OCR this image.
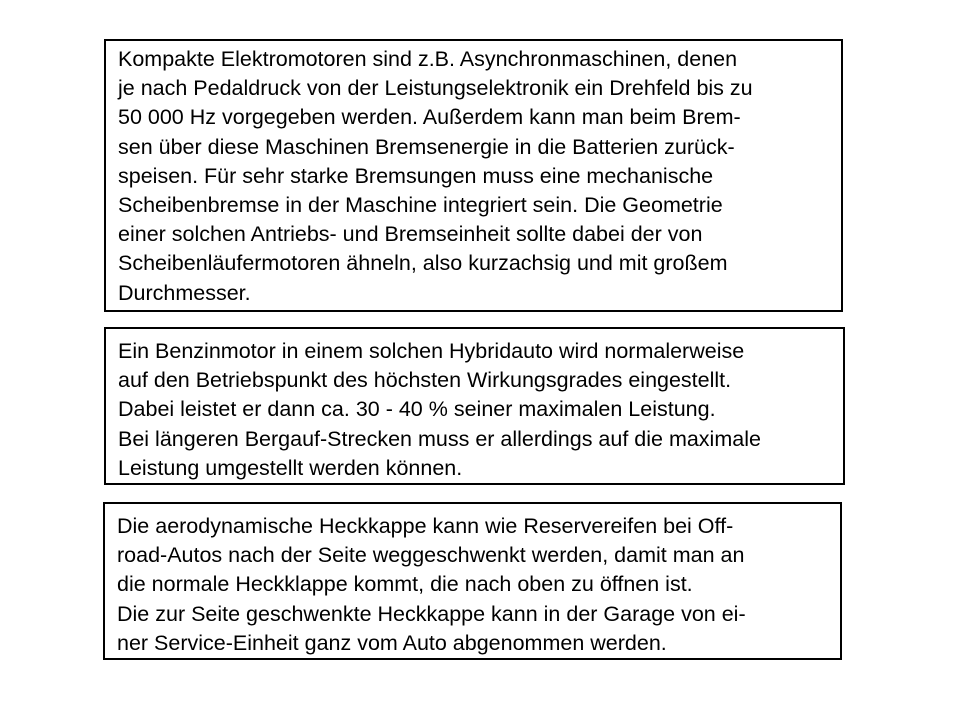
Kompakte Elektromotoren sind z.B. Asynchronmaschinen, denen
je nach Pedaldruck von der Leistungselektronik ein Drehfeld bis zu
50 000 Hz vorgegeben werden. Außerdem kann man beim Brem-
sen über diese Maschinen Bremsenergie in die Batterien zurück-
speisen. Für sehr starke Bremsungen muss eine mechanische
Scheibenbremse in der Maschine integriert sein. Die Geometrie
einer solchen Antriebs- und Bremseinheit sollte dabei der von
Scheibenläufermotoren ähneln, also kurzachsig und mit großem
Durchmesser.
Ein Benzinmotor in einem solchen Hybridauto wird normalerweise
auf den Betriebspunkt des höchsten Wirkungsgrades eingestellt.
Dabei leistet er dann ca. 30 - 40 % seiner maximalen Leistung.
Bei längeren Bergauf-Strecken muss er allerdings auf die maximale
Leistung umgestellt werden können.
Die aerodynamische Heckkappe kann wie Reservereifen bei Off-
road-Autos nach der Seite weggeschwenkt werden, damit man an
die normale Heckklappe kommt, die nach oben zu öffnen ist.
Die zur Seite geschwenkte Heckkappe kann in der Garage von ei-
ner Service-Einheit ganz vom Auto abgenommen werden.
